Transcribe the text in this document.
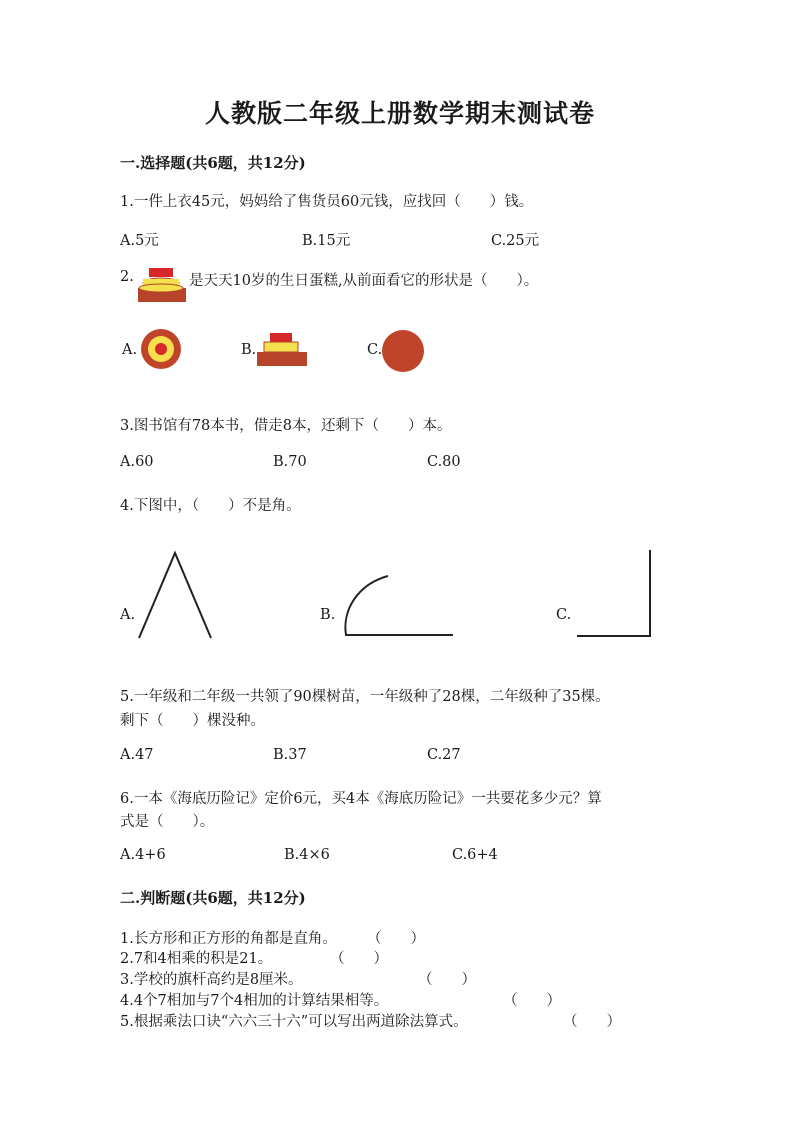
人教版二年级上册数学期末测试卷
一.选择题(共6题，共12分)
1.一件上衣45元，妈妈给了售货员60元钱，应找回（　　）钱。
A.5元	B.15元	C.25元
2.	是天天10岁的生日蛋糕,从前面看它的形状是（　　）。
A.	B.	C.
3.图书馆有78本书，借走8本，还剩下（　　）本。
A.60	B.70	C.80
4.下图中，（　　）不是角。
A.	B.	C.
5.一年级和二年级一共领了90棵树苗，一年级种了28棵，二年级种了35棵。
剩下（　　）棵没种。
A.47	B.37	C.27
6.一本《海底历险记》定价6元，买4本《海底历险记》一共要花多少元？算
式是（　　）。
A.4+6	B.4×6	C.6+4
二.判断题(共6题，共12分)
1.长方形和正方形的角都是直角。 （　　）
2.7和4相乘的积是21。	（　　）
3.学校的旗杆高约是8厘米。	（　　）
4.4个7相加与7个4相加的计算结果相等。	（　　）
5.根据乘法口诀“六六三十六”可以写出两道除法算式。	（　　）
